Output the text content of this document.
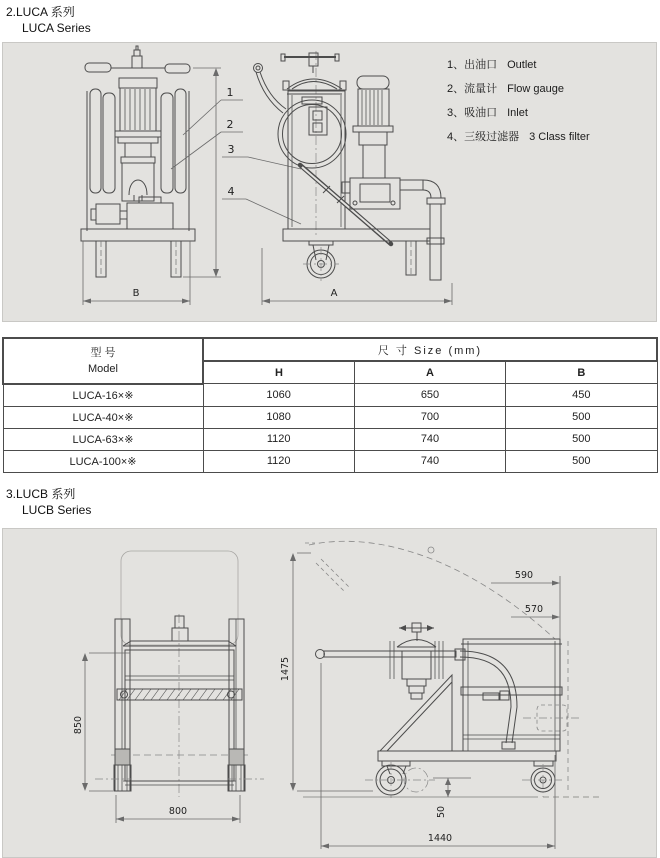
2.LUCA 系列
LUCA Series
B
1
2
3
4
A
1、出油口 Outlet
2、流量计 Flow gauge
3、吸油口 Inlet
4、三级过滤器 3 Class filter
型 号
Model	尺 寸 Size (mm)		
	H	A	B
LUCA-16×※	1060	650	450
LUCA-40×※	1080	700	500
LUCA-63×※	1120	740	500
LUCA-100×※	1120	740	500
3.LUCB 系列
LUCB Series
850
800
1475
590
570
50
1440
